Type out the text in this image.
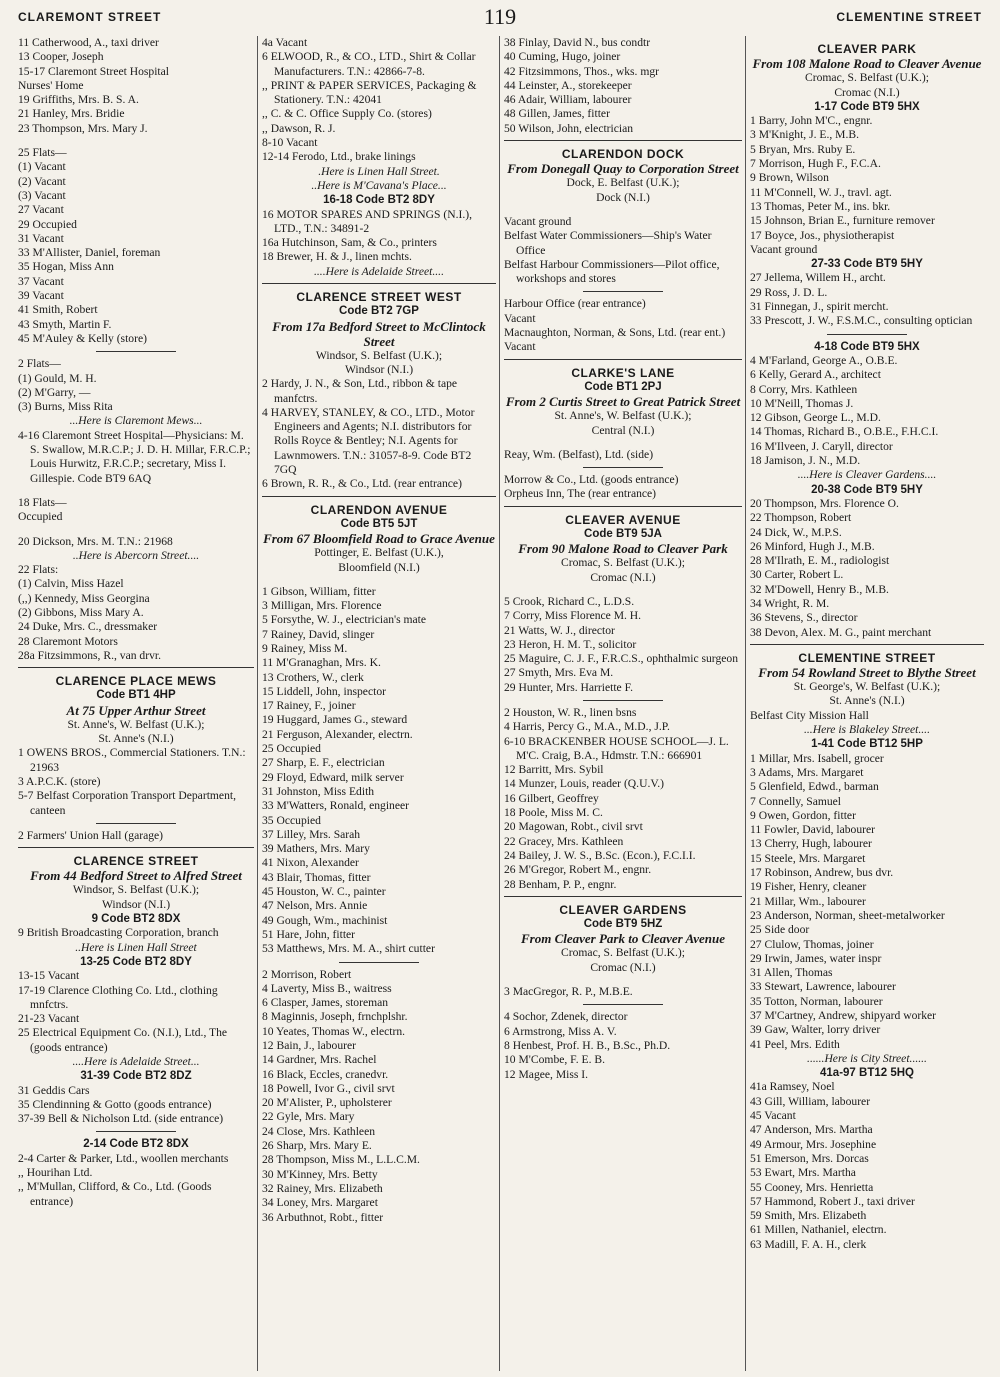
CLAREMONT STREET	119	CLEMENTINE STREET
11 Catherwood, A., taxi driver
13 Cooper, Joseph
15-17 Claremont Street Hospital
Nurses' Home
19 Griffiths, Mrs. B. S. A.
21 Hanley, Mrs. Bridie
23 Thompson, Mrs. Mary J.
25 Flats—
(1) Vacant
(2) Vacant
(3) Vacant
27 Vacant
29 Occupied
31 Vacant
33 M'Allister, Daniel, foreman
35 Hogan, Miss Ann
37 Vacant
39 Vacant
41 Smith, Robert
43 Smyth, Martin F.
45 M'Auley & Kelly (store)
2 Flats—
(1) Gould, M. H.
(2) M'Garry, —
(3) Burns, Miss Rita
...Here is Claremont Mews...
4-16 Claremont Street Hospital—Physicians: M. S. Swallow, M.R.C.P.; J. D. H. Millar, F.R.C.P.; Louis Hurwitz, F.R.C.P.; secretary, Miss I. Gillespie. Code BT9 6AQ
18 Flats—
Occupied
20 Dickson, Mrs. M. T.N.: 21968
..Here is Abercorn Street....
22 Flats:
(1) Calvin, Miss Hazel
(,,) Kennedy, Miss Georgina
(2) Gibbons, Miss Mary A.
24 Duke, Mrs. C., dressmaker
28 Claremont Motors
28a Fitzsimmons, R., van drvr.
CLARENCE PLACE MEWS
Code BT1 4HP
At 75 Upper Arthur Street
St. Anne's, W. Belfast (U.K.);
St. Anne's (N.I.)
1 OWENS BROS., Commercial Stationers. T.N.: 21963
3 A.P.C.K. (store)
5-7 Belfast Corporation Transport Department, canteen
2 Farmers' Union Hall (garage)
CLARENCE STREET
From 44 Bedford Street to Alfred Street
Windsor, S. Belfast (U.K.);
Windsor (N.I.)
9 Code BT2 8DX
9 British Broadcasting Corporation, branch
..Here is Linen Hall Street
13-25 Code BT2 8DY
13-15 Vacant
17-19 Clarence Clothing Co. Ltd., clothing mnfctrs.
21-23 Vacant
25 Electrical Equipment Co. (N.I.), Ltd., The (goods entrance)
....Here is Adelaide Street...
31-39 Code BT2 8DZ
31 Geddis Cars
35 Clendinning & Gotto (goods entrance)
37-39 Bell & Nicholson Ltd. (side entrance)
2-14 Code BT2 8DX
2-4 Carter & Parker, Ltd., woollen merchants
,, Hourihan Ltd.
,, M'Mullan, Clifford, & Co., Ltd. (Goods entrance)
4a Vacant
6 ELWOOD, R., & CO., LTD., Shirt & Collar Manufacturers. T.N.: 42866-7-8.
,, PRINT & PAPER SERVICES, Packaging & Stationery. T.N.: 42041
,, C. & C. Office Supply Co. (stores)
,, Dawson, R. J.
8-10 Vacant
12-14 Ferodo, Ltd., brake linings
.Here is Linen Hall Street.
..Here is M'Cavana's Place...
16-18 Code BT2 8DY
16 MOTOR SPARES AND SPRINGS (N.I.), LTD., T.N.: 34891-2
16a Hutchinson, Sam, & Co., printers
18 Brewer, H. & J., linen mchts.
....Here is Adelaide Street....
CLARENCE STREET WEST
Code BT2 7GP
From 17a Bedford Street to McClintock Street
Windsor, S. Belfast (U.K.);
Windsor (N.I.)
2 Hardy, J. N., & Son, Ltd., ribbon & tape manfctrs.
4 HARVEY, STANLEY, & CO., LTD., Motor Engineers and Agents; N.I. distributors for Rolls Royce & Bentley; N.I. Agents for Lawnmowers. T.N.: 31057-8-9. Code BT2 7GQ
6 Brown, R. R., & Co., Ltd. (rear entrance)
CLARENDON AVENUE
Code BT5 5JT
From 67 Bloomfield Road to Grace Avenue
Pottinger, E. Belfast (U.K.),
Bloomfield (N.I.)
1 Gibson, William, fitter
3 Milligan, Mrs. Florence
5 Forsythe, W. J., electrician's mate
7 Rainey, David, slinger
9 Rainey, Miss M.
11 M'Granaghan, Mrs. K.
13 Crothers, W., clerk
15 Liddell, John, inspector
17 Rainey, F., joiner
19 Huggard, James G., steward
21 Ferguson, Alexander, electrn.
25 Occupied
27 Sharp, E. F., electrician
29 Floyd, Edward, milk server
31 Johnston, Miss Edith
33 M'Watters, Ronald, engineer
35 Occupied
37 Lilley, Mrs. Sarah
39 Mathers, Mrs. Mary
41 Nixon, Alexander
43 Blair, Thomas, fitter
45 Houston, W. C., painter
47 Nelson, Mrs. Annie
49 Gough, Wm., machinist
51 Hare, John, fitter
53 Matthews, Mrs. M. A., shirt cutter
2 Morrison, Robert
4 Laverty, Miss B., waitress
6 Clasper, James, storeman
8 Maginnis, Joseph, frnchplshr.
10 Yeates, Thomas W., electrn.
12 Bain, J., labourer
14 Gardner, Mrs. Rachel
16 Black, Eccles, cranedvr.
18 Powell, Ivor G., civil srvt
20 M'Alister, P., upholsterer
22 Gyle, Mrs. Mary
24 Close, Mrs. Kathleen
26 Sharp, Mrs. Mary E.
28 Thompson, Miss M., L.L.C.M.
30 M'Kinney, Mrs. Betty
32 Rainey, Mrs. Elizabeth
34 Loney, Mrs. Margaret
36 Arbuthnot, Robt., fitter
38 Finlay, David N., bus condtr
40 Cuming, Hugo, joiner
42 Fitzsimmons, Thos., wks. mgr
44 Leinster, A., storekeeper
46 Adair, William, labourer
48 Gillen, James, fitter
50 Wilson, John, electrician
CLARENDON DOCK
From Donegall Quay to Corporation Street
Dock, E. Belfast (U.K.);
Dock (N.I.)
Vacant ground
Belfast Water Commissioners—Ship's Water Office
Belfast Harbour Commissioners—Pilot office, workshops and stores
Harbour Office (rear entrance)
Vacant
Macnaughton, Norman, & Sons, Ltd. (rear ent.)
Vacant
CLARKE'S LANE
Code BT1 2PJ
From 2 Curtis Street to Great Patrick Street
St. Anne's, W. Belfast (U.K.);
Central (N.I.)
Reay, Wm. (Belfast), Ltd. (side)
Morrow & Co., Ltd. (goods entrance)
Orpheus Inn, The (rear entrance)
CLEAVER AVENUE
Code BT9 5JA
From 90 Malone Road to Cleaver Park
Cromac, S. Belfast (U.K.);
Cromac (N.I.)
5 Crook, Richard C., L.D.S.
7 Corry, Miss Florence M. H.
21 Watts, W. J., director
23 Heron, H. M. T., solicitor
25 Maguire, C. J. F., F.R.C.S., ophthalmic surgeon
27 Smyth, Mrs. Eva M.
29 Hunter, Mrs. Harriette F.
2 Houston, W. R., linen bsns
4 Harris, Percy G., M.A., M.D., J.P.
6-10 BRACKENBER HOUSE SCHOOL—J. L. M'C. Craig, B.A., Hdmstr. T.N.: 666901
12 Barritt, Mrs. Sybil
14 Munzer, Louis, reader (Q.U.V.)
16 Gilbert, Geoffrey
18 Poole, Miss M. C.
20 Magowan, Robt., civil srvt
22 Gracey, Mrs. Kathleen
24 Bailey, J. W. S., B.Sc. (Econ.), F.C.I.I.
26 M'Gregor, Robert M., engnr.
28 Benham, P. P., engnr.
CLEAVER GARDENS
Code BT9 5HZ
From Cleaver Park to Cleaver Avenue
Cromac, S. Belfast (U.K.);
Cromac (N.I.)
3 MacGregor, R. P., M.B.E.
4 Sochor, Zdenek, director
6 Armstrong, Miss A. V.
8 Henbest, Prof. H. B., B.Sc., Ph.D.
10 M'Combe, F. E. B.
12 Magee, Miss I.
CLEAVER PARK
From 108 Malone Road to Cleaver Avenue
Cromac, S. Belfast (U.K.);
Cromac (N.I.)
1-17 Code BT9 5HX
1 Barry, John M'C., engnr.
3 M'Knight, J. E., M.B.
5 Bryan, Mrs. Ruby E.
7 Morrison, Hugh F., F.C.A.
9 Brown, Wilson
11 M'Connell, W. J., travl. agt.
13 Thomas, Peter M., ins. bkr.
15 Johnson, Brian E., furniture remover
17 Boyce, Jos., physiotherapist
Vacant ground
27-33 Code BT9 5HY
27 Jellema, Willem H., archt.
29 Ross, J. D. L.
31 Finnegan, J., spirit mercht.
33 Prescott, J. W., F.S.M.C., consulting optician
4-18 Code BT9 5HX
4 M'Farland, George A., O.B.E.
6 Kelly, Gerard A., architect
8 Corry, Mrs. Kathleen
10 M'Neill, Thomas J.
12 Gibson, George L., M.D.
14 Thomas, Richard B., O.B.E., F.H.C.I.
16 M'Ilveen, J. Caryll, director
18 Jamison, J. N., M.D.
....Here is Cleaver Gardens....
20-38 Code BT9 5HY
20 Thompson, Mrs. Florence O.
22 Thompson, Robert
24 Dick, W., M.P.S.
26 Minford, Hugh J., M.B.
28 M'Ilrath, E. M., radiologist
30 Carter, Robert L.
32 M'Dowell, Henry B., M.B.
34 Wright, R. M.
36 Stevens, S., director
38 Devon, Alex. M. G., paint merchant
CLEMENTINE STREET
From 54 Rowland Street to Blythe Street
St. George's, W. Belfast (U.K.);
St. Anne's (N.I.)
Belfast City Mission Hall
...Here is Blakeley Street....
1-41 Code BT12 5HP
1 Millar, Mrs. Isabell, grocer
3 Adams, Mrs. Margaret
5 Glenfield, Edwd., barman
7 Connelly, Samuel
9 Owen, Gordon, fitter
11 Fowler, David, labourer
13 Cherry, Hugh, labourer
15 Steele, Mrs. Margaret
17 Robinson, Andrew, bus dvr.
19 Fisher, Henry, cleaner
21 Millar, Wm., labourer
23 Anderson, Norman, sheet-metalworker
25 Side door
27 Clulow, Thomas, joiner
29 Irwin, James, water inspr
31 Allen, Thomas
33 Stewart, Lawrence, labourer
35 Totton, Norman, labourer
37 M'Cartney, Andrew, shipyard worker
39 Gaw, Walter, lorry driver
41 Peel, Mrs. Edith
......Here is City Street......
41a-97 BT12 5HQ
41a Ramsey, Noel
43 Gill, William, labourer
45 Vacant
47 Anderson, Mrs. Martha
49 Armour, Mrs. Josephine
51 Emerson, Mrs. Dorcas
53 Ewart, Mrs. Martha
55 Cooney, Mrs. Henrietta
57 Hammond, Robert J., taxi driver
59 Smith, Mrs. Elizabeth
61 Millen, Nathaniel, electrn.
63 Madill, F. A. H., clerk
